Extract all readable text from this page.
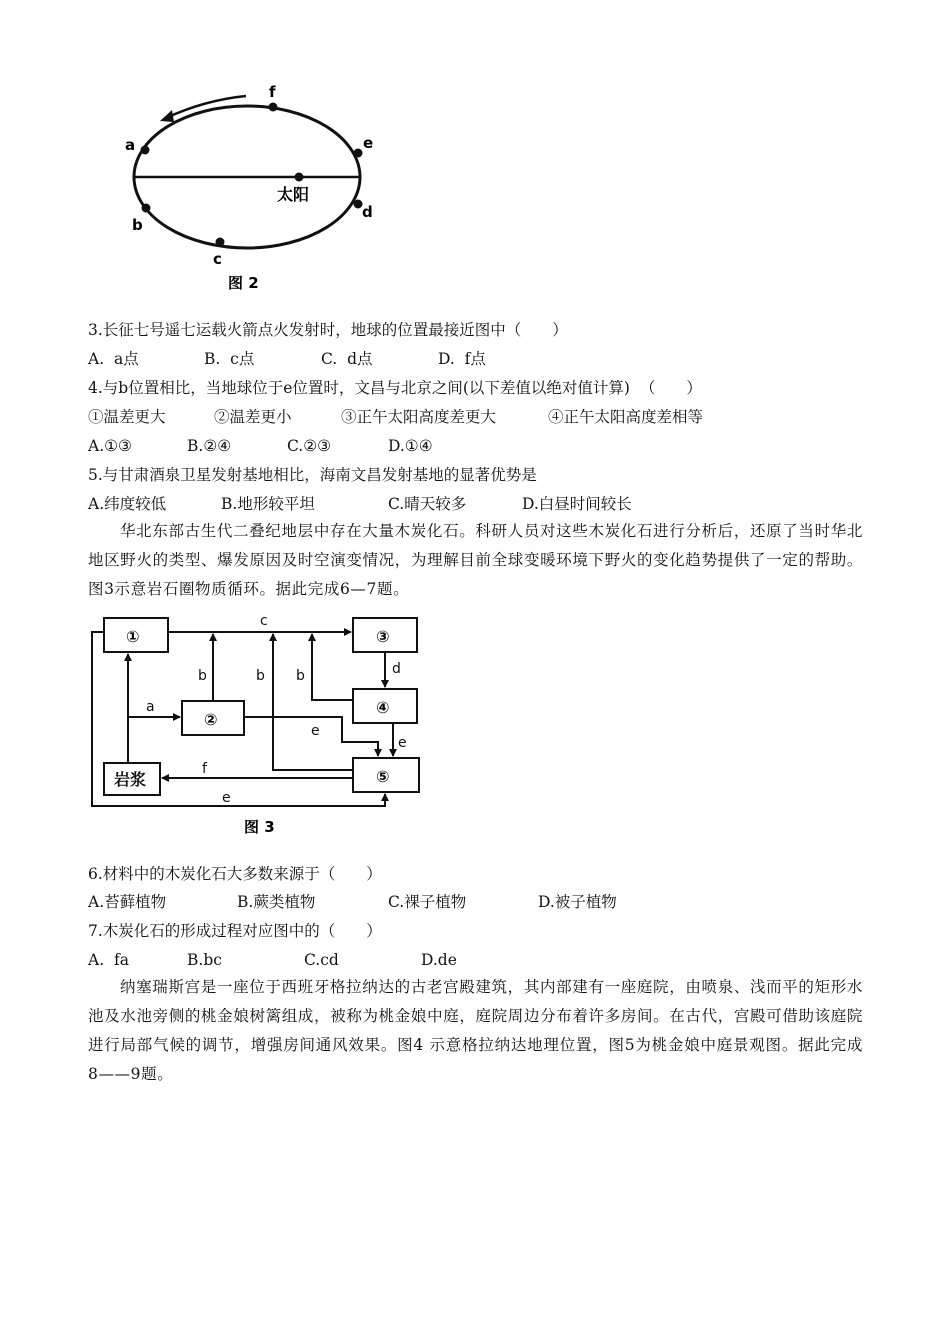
太阳
a
b
c
d
e
f
图 2
3.长征七号遥七运载火箭点火发射时，地球的位置最接近图中（　　）
A.  a点	B.  c点	C.  d点	D.  f点
4.与b位置相比，当地球位于e位置时，文昌与北京之间(以下差值以绝对值计算)  （　　）
①温差更大	②温差更小	③正午太阳高度差更大	④正午太阳高度差相等
A.①③	B.②④	C.②③	D.①④
5.与甘肃酒泉卫星发射基地相比，海南文昌发射基地的显著优势是
A.纬度较低	B.地形较平坦	C.晴天较多	D.白昼时间较长
华北东部古生代二叠纪地层中存在大量木炭化石。科研人员对这些木炭化石进行分析后，还原了当时华北地区野火的类型、爆发原因及时空演变情况，为理解目前全球变暖环境下野火的变化趋势提供了一定的帮助。图3示意岩石圈物质循环。据此完成6—7题。
①
②
③
④
⑤
岩浆
c
b	b b	d
a
e
e
f
e
图 3
6.材料中的木炭化石大多数来源于（　　）
A.苔藓植物	B.蕨类植物	C.裸子植物	D.被子植物
7.木炭化石的形成过程对应图中的（　　）
A.  fa	B.bc	C.cd	D.de
纳塞瑞斯宫是一座位于西班牙格拉纳达的古老宫殿建筑，其内部建有一座庭院，由喷泉、浅而平的矩形水池及水池旁侧的桃金娘树篱组成，被称为桃金娘中庭，庭院周边分布着许多房间。在古代，宫殿可借助该庭院进行局部气候的调节，增强房间通风效果。图4 示意格拉纳达地理位置，图5为桃金娘中庭景观图。据此完成8——9题。
